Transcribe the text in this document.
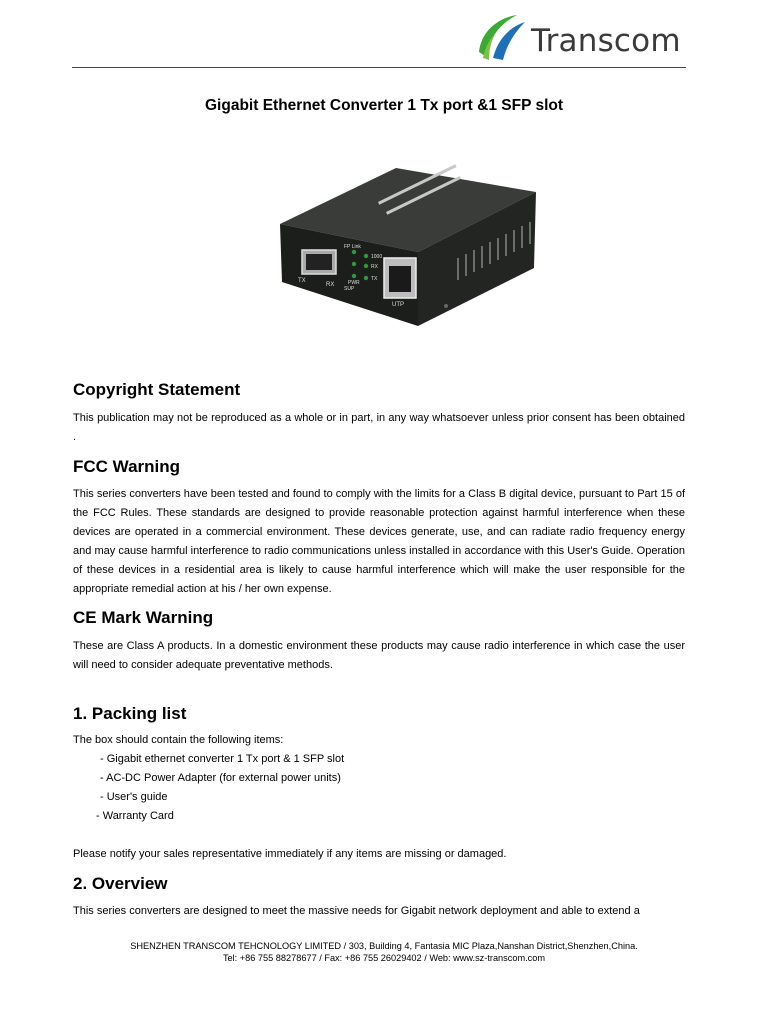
Transcom
Gigabit Ethernet Converter 1 Tx port &1 SFP slot
TX
RX
FP Link
1000
RX
TX
PWR
SUP
UTP
Copyright Statement

This publication may not be reproduced as a whole or in part, in any way whatsoever unless prior consent has been obtained .

FCC Warning

This series converters have been tested and found to comply with the limits for a Class B digital device, pursuant to Part 15 of the FCC Rules. These standards are designed to provide reasonable protection against harmful interference when these devices are operated in a commercial environment. These devices generate, use, and can radiate radio frequency energy and may cause harmful interference to radio communications unless installed in accordance with this User's Guide. Operation of these devices in a residential area is likely to cause harmful interference which will make the user responsible for the appropriate remedial action at his / her own expense.

CE Mark Warning

These are Class A products. In a domestic environment these products may cause radio interference in which case the user will need to consider adequate preventative methods.

1. Packing list
The box should contain the following items:
- Gigabit ethernet converter 1 Tx port & 1 SFP slot
- AC-DC Power Adapter (for external power units)
- User's guide
- Warranty Card
Please notify your sales representative immediately if any items are missing or damaged.
2. Overview

This series converters are designed to meet the massive needs for Gigabit network deployment and able to extend a

SHENZHEN TRANSCOM TEHCNOLOGY LIMITED / 303, Building 4, Fantasia MIC Plaza,Nanshan District,Shenzhen,China.
Tel: +86 755 88278677 / Fax: +86 755 26029402 / Web: www.sz-transcom.com
